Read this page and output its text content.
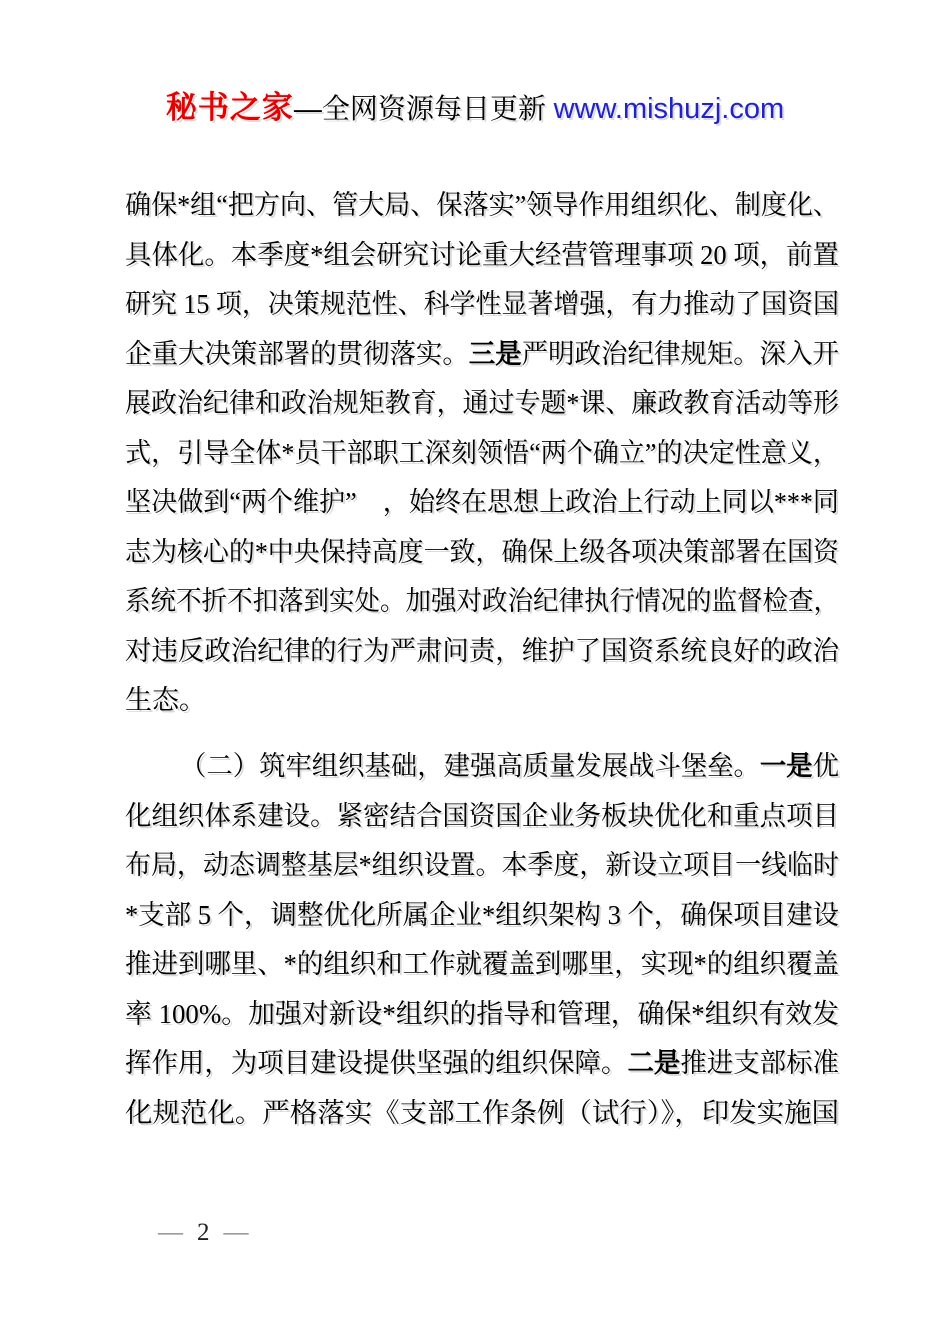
秘书之家—全网资源每日更新 www.mishuzj.com
确保*组“把方向、管大局、保落实”领导作用组织化、制度化、
具体化。本季度*组会研究讨论重大经营管理事项 20 项，前置
研究 15 项，决策规范性、科学性显著增强，有力推动了国资国
企重大决策部署的贯彻落实。三是严明政治纪律规矩。深入开
展政治纪律和政治规矩教育，通过专题*课、廉政教育活动等形
式，引导全体*员干部职工深刻领悟“两个确立”的决定性意义，
坚决做到“两个维护”　，始终在思想上政治上行动上同以***同
志为核心的*中央保持高度一致，确保上级各项决策部署在国资
系统不折不扣落到实处。加强对政治纪律执行情况的监督检查，
对违反政治纪律的行为严肃问责，维护了国资系统良好的政治
生态。
（二）筑牢组织基础，建强高质量发展战斗堡垒。一是优
化组织体系建设。紧密结合国资国企业务板块优化和重点项目
布局，动态调整基层*组织设置。本季度，新设立项目一线临时
*支部 5 个，调整优化所属企业*组织架构 3 个，确保项目建设
推进到哪里、*的组织和工作就覆盖到哪里，实现*的组织覆盖
率 100%。加强对新设*组织的指导和管理，确保*组织有效发
挥作用，为项目建设提供坚强的组织保障。二是推进支部标准
化规范化。严格落实《支部工作条例（试行）》，印发实施国
— 2 —
